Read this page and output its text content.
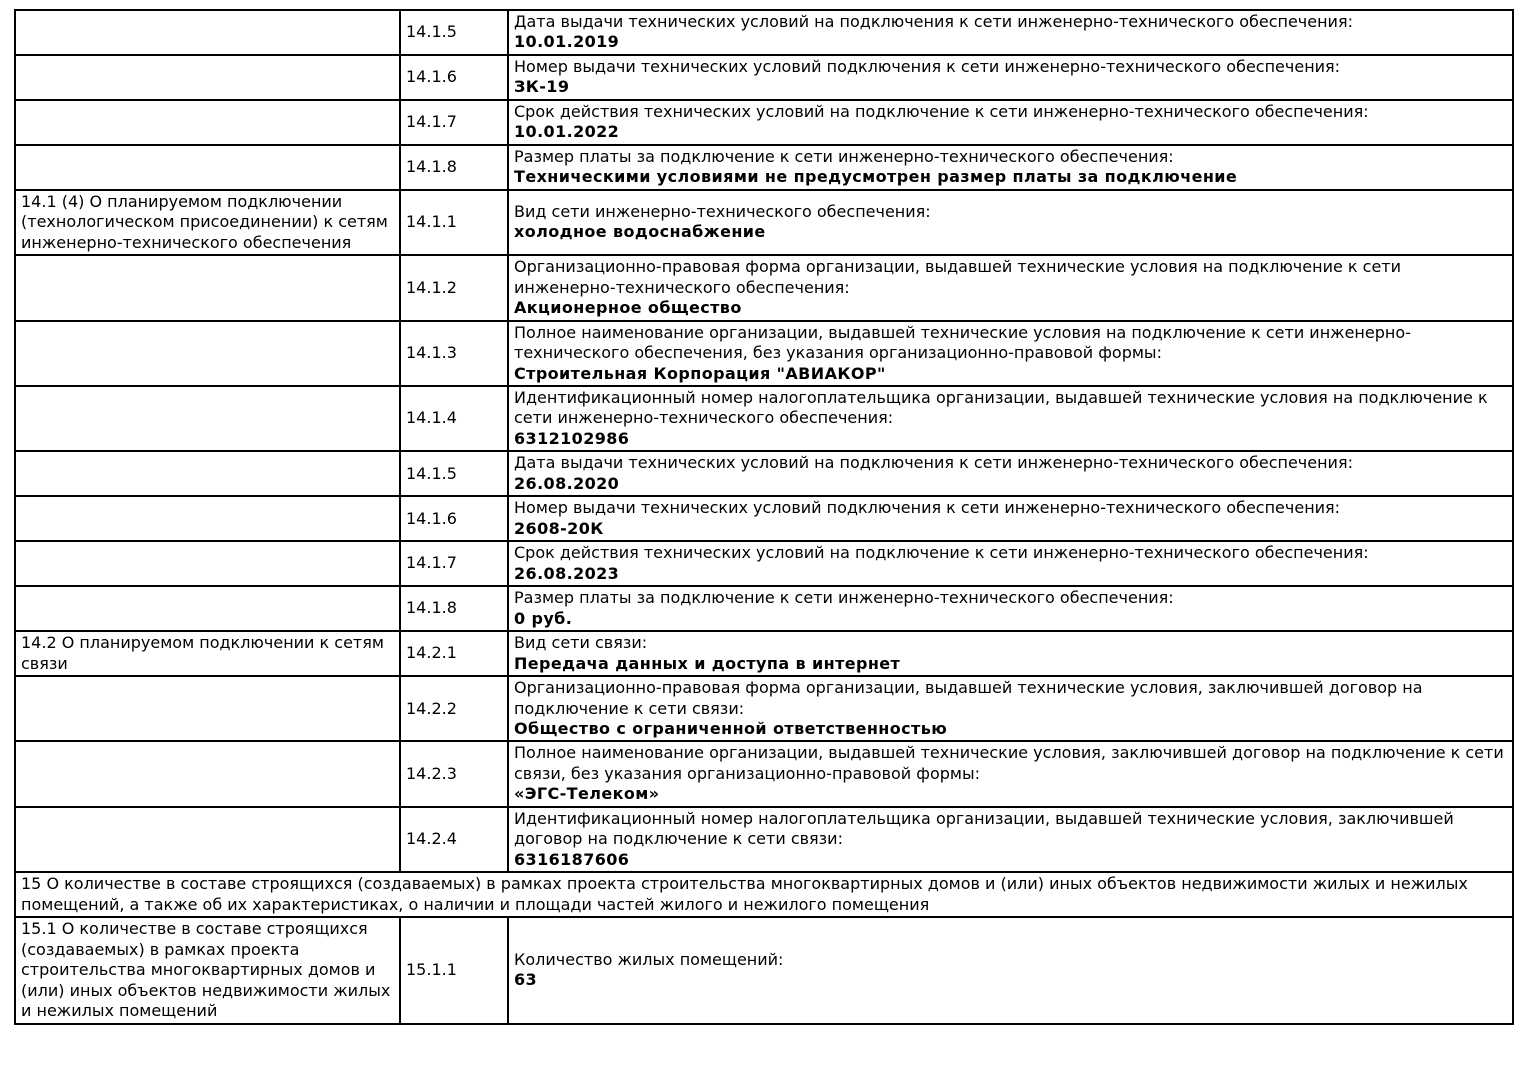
	14.1.5	Дата выдачи технических условий на подключения к сети инженерно-технического обеспечения:
10.01.2019

	14.1.6	Номер выдачи технических условий подключения к сети инженерно-технического обеспечения:
ЗК-19

	14.1.7	Срок действия технических условий на подключение к сети инженерно-технического обеспечения:
10.01.2022

	14.1.8	Размер платы за подключение к сети инженерно-технического обеспечения:
Техническими условиями не предусмотрен размер платы за подключение

14.1 (4) О планируемом подключении (технологическом присоединении) к сетям инженерно-технического обеспечения	14.1.1	Вид сети инженерно-технического обеспечения:
холодное водоснабжение

	14.1.2	Организационно-правовая форма организации, выдавшей технические условия на подключение к сети инженерно-технического обеспечения:
Акционерное общество

	14.1.3	Полное наименование организации, выдавшей технические условия на подключение к сети инженерно-технического обеспечения, без указания организационно-правовой формы:
Строительная Корпорация "АВИАКОР"

	14.1.4	Идентификационный номер налогоплательщика организации, выдавшей технические условия на подключение к сети инженерно-технического обеспечения:
6312102986

	14.1.5	Дата выдачи технических условий на подключения к сети инженерно-технического обеспечения:
26.08.2020

	14.1.6	Номер выдачи технических условий подключения к сети инженерно-технического обеспечения:
2608-20К

	14.1.7	Срок действия технических условий на подключение к сети инженерно-технического обеспечения:
26.08.2023

	14.1.8	Размер платы за подключение к сети инженерно-технического обеспечения:
0 руб.

14.2 О планируемом подключении к сетям связи	14.2.1	Вид сети связи:
Передача данных и доступа в интернет

	14.2.2	Организационно-правовая форма организации, выдавшей технические условия, заключившей договор на подключение к сети связи:
Общество с ограниченной ответственностью

	14.2.3	Полное наименование организации, выдавшей технические условия, заключившей договор на подключение к сети связи, без указания организационно-правовой формы:
«ЭГС-Телеком»

	14.2.4	Идентификационный номер налогоплательщика организации, выдавшей технические условия, заключившей договор на подключение к сети связи:
6316187606

15 О количестве в составе строящихся (создаваемых) в рамках проекта строительства многоквартирных домов и (или) иных объектов недвижимости жилых и нежилых помещений, а также об их характеристиках, о наличии и площади частей жилого и нежилого помещения		
15.1 О количестве в составе строящихся (создаваемых) в рамках проекта строительства многоквартирных домов и (или) иных объектов недвижимости жилых и нежилых помещений	15.1.1	Количество жилых помещений:
63
